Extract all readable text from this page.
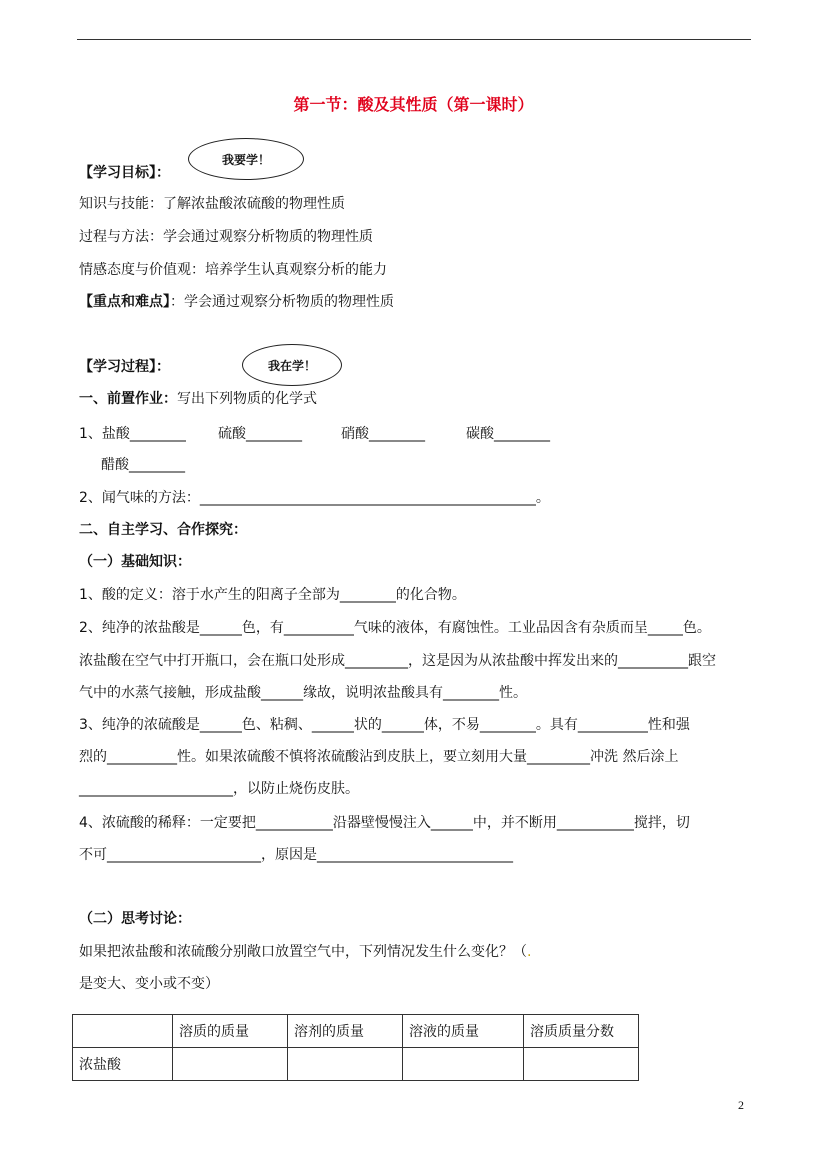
第一节：酸及其性质（第一课时）
【学习目标】：
我要学！
知识与技能：了解浓盐酸浓硫酸的物理性质
过程与方法：学会通过观察分析物质的物理性质
情感态度与价值观：培养学生认真观察分析的能力
【重点和难点】：学会通过观察分析物质的物理性质
【学习过程】：	我在学！
一、前置作业：写出下列物质的化学式
1、盐酸________ 硫酸________	硝酸________	碳酸________
醋酸________
2、闻气味的方法：________________________________________________。
二、自主学习、合作探究：
（一）基础知识：
1、酸的定义：溶于水产生的阳离子全部为________的化合物。
2、纯净的浓盐酸是______色，有__________气味的液体，有腐蚀性。工业品因含有杂质而呈_____色。
浓盐酸在空气中打开瓶口，会在瓶口处形成_________，这是因为从浓盐酸中挥发出来的__________跟空
气中的水蒸气接触，形成盐酸______缘故，说明浓盐酸具有________性。
3、纯净的浓硫酸是______色、粘稠、______状的______体，不易________。具有__________性和强
烈的__________性。如果浓硫酸不慎将浓硫酸沾到皮肤上，要立刻用大量_________冲洗 然后涂上
______________________，以防止烧伤皮肤。
4、浓硫酸的稀释：一定要把___________沿器壁慢慢注入______中，并不断用___________搅拌，切
不可______________________，原因是____________________________
（二）思考讨论：
如果把浓盐酸和浓硫酸分别敞口放置空气中，下列情况发生什么变化？（.
是变大、变小或不变）
	溶质的质量	溶剂的质量	溶液的质量	溶质质量分数
浓盐酸				
2
